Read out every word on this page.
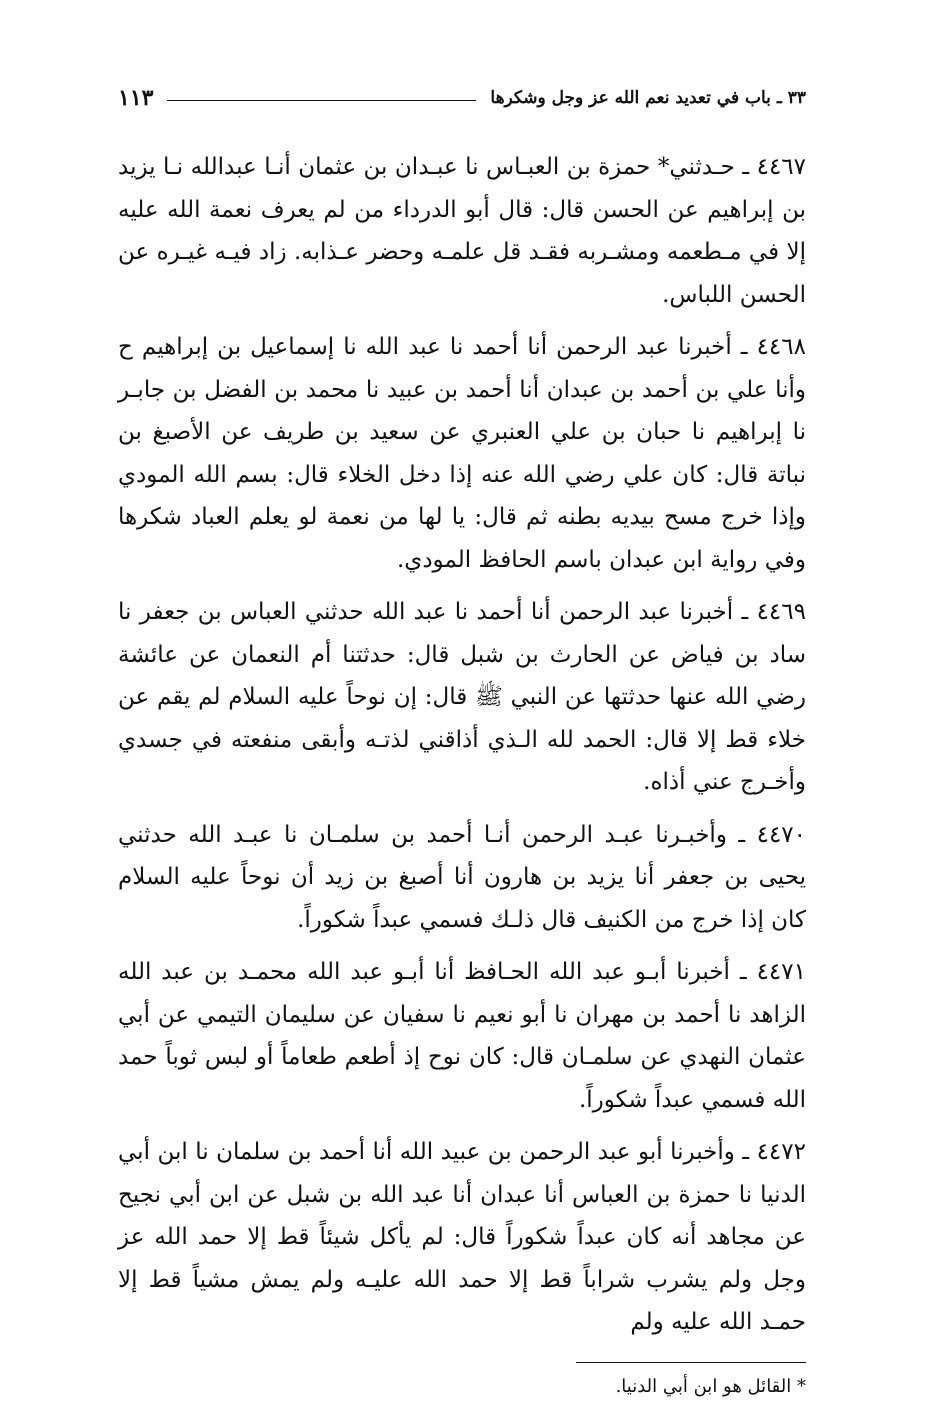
٣٣ ـ باب في تعديد نعم الله عز وجل وشكرها
١١٣

٤٤٦٧ ـ حـدثني* حمزة بن العبـاس نا عبـدان بن عثمان أنـا عبدالله نـا يزيد بن إبراهيم عن الحسن قال: قال أبو الدرداء من لم يعرف نعمة الله عليه إلا في مـطعمه ومشـربه فقـد قل علمـه وحضر عـذابه. زاد فيـه غيـره عن الحسن اللباس.

٤٤٦٨ ـ أخبرنا عبد الرحمن أنا أحمد نا عبد الله نا إسماعيل بن إبراهيم ح وأنا علي بن أحمد بن عبدان أنا أحمد بن عبيد نا محمد بن الفضل بن جابـر نا إبراهيم نا حبان بن علي العنبري عن سعيد بن طريف عن الأصبغ بن نباتة قال: كان علي رضي الله عنه إذا دخل الخلاء قال: بسم الله المودي وإذا خرج مسح بيديه بطنه ثم قال: يا لها من نعمة لو يعلم العباد شكرها وفي رواية ابن عبدان باسم الحافظ المودي.

٤٤٦٩ ـ أخبرنا عبد الرحمن أنا أحمد نا عبد الله حدثني العباس بن جعفر نا ساد بن فياض عن الحارث بن شبل قال: حدثتنا أم النعمان عن عائشة رضي الله عنها حدثتها عن النبي ﷺ قال: إن نوحاً عليه السلام لم يقم عن خلاء قط إلا قال: الحمد لله الـذي أذاقني لذتـه وأبقى منفعته في جسدي وأخـرج عني أذاه.

٤٤٧٠ ـ وأخبـرنا عبـد الرحمن أنـا أحمد بن سلمـان نا عبـد الله حدثني يحيى بن جعفر أنا يزيد بن هارون أنا أصبغ بن زيد أن نوحاً عليه السلام كان إذا خرج من الكنيف قال ذلـك فسمي عبداً شكوراً.

٤٤٧١ ـ أخبرنا أبـو عبد الله الحـافظ أنا أبـو عبد الله محمـد بن عبد الله الزاهد نا أحمد بن مهران نا أبو نعيم نا سفيان عن سليمان التيمي عن أبي عثمان النهدي عن سلمـان قال: كان نوح إذ أطعم طعاماً أو لبس ثوباً حمد الله فسمي عبداً شكوراً.

٤٤٧٢ ـ وأخبرنا أبو عبد الرحمن بن عبيد الله أنا أحمد بن سلمان نا ابن أبي الدنيا نا حمزة بن العباس أنا عبدان أنا عبد الله بن شبل عن ابن أبي نجيح عن مجاهد أنه كان عبداً شكوراً قال: لم يأكل شيئاً قط إلا حمد الله عز وجل ولم يشرب شراباً قط إلا حمد الله عليـه ولم يمش مشياً قط إلا حمـد الله عليه ولم

* القائل هو ابن أبي الدنيا.
